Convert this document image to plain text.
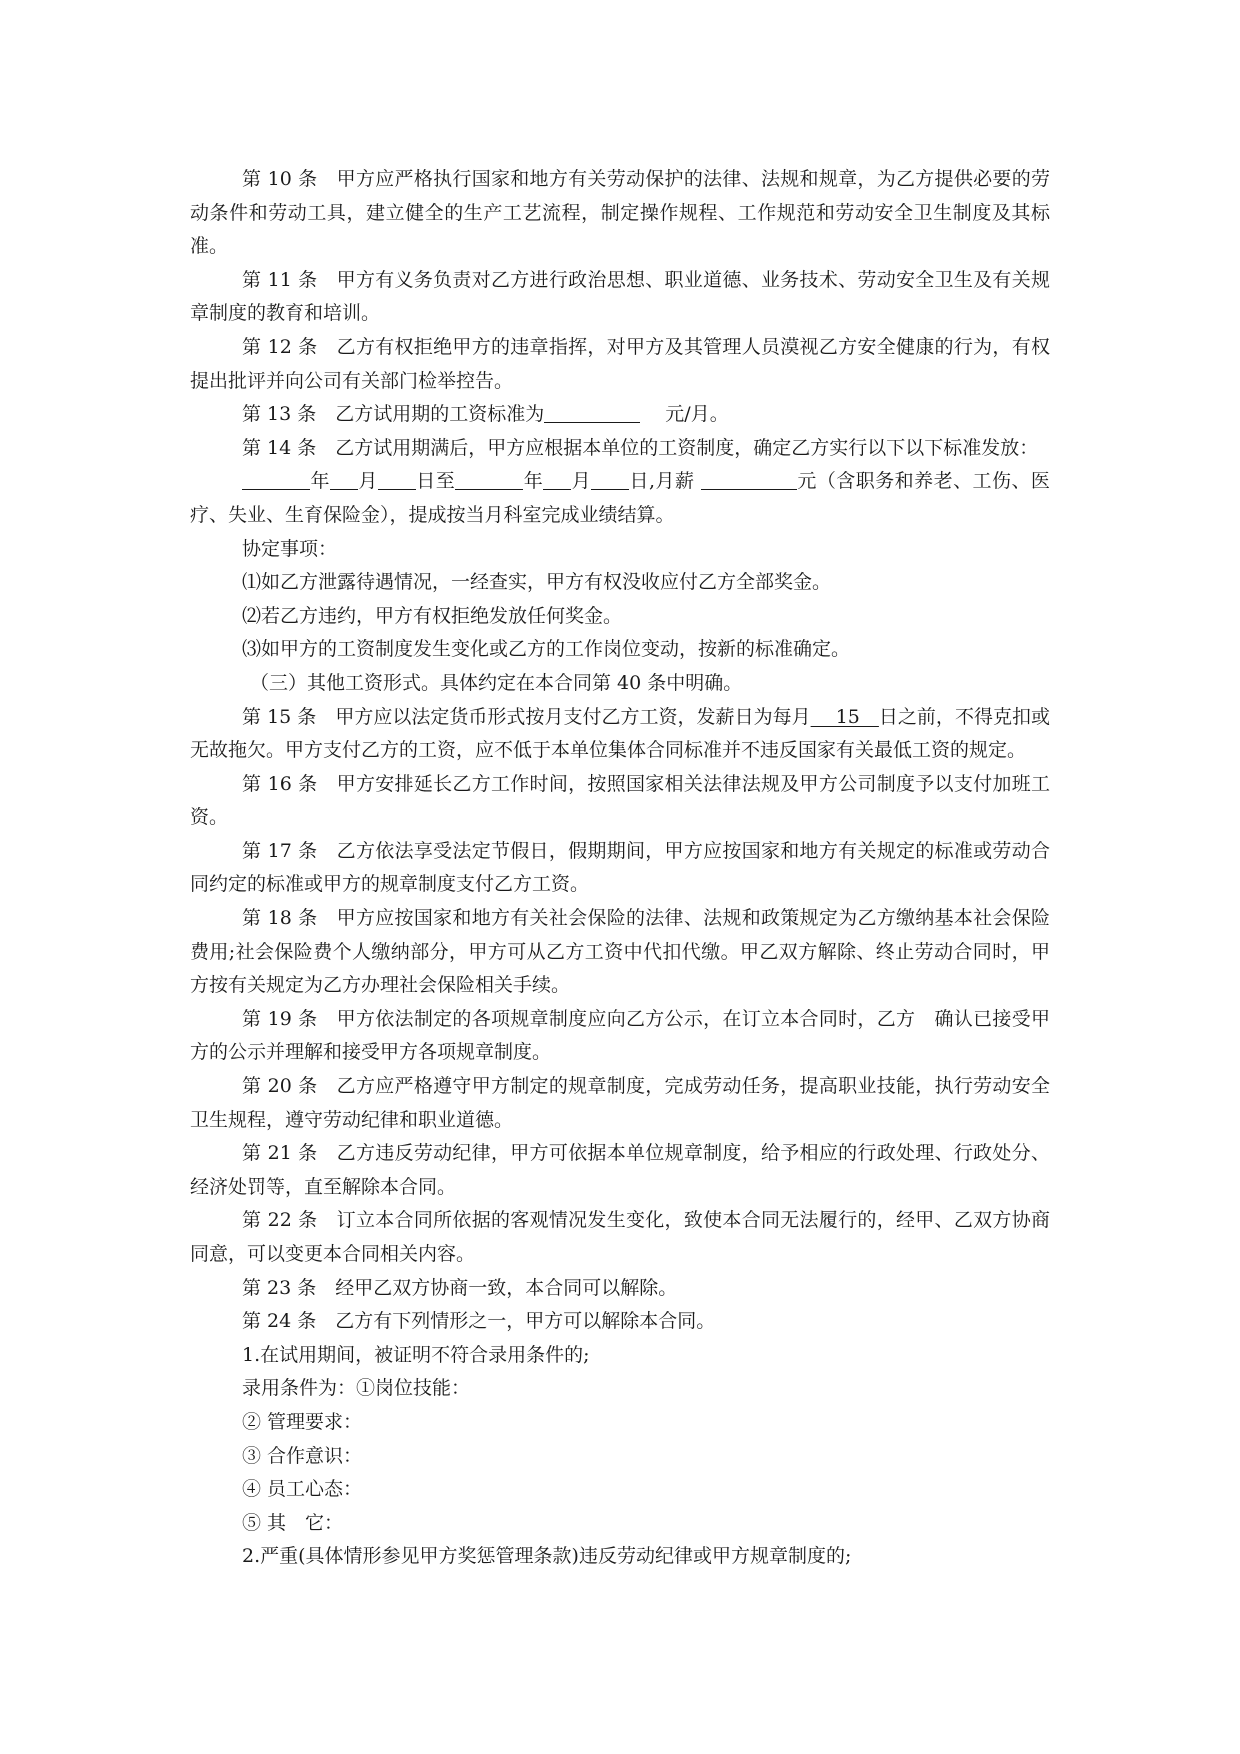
第 10 条　甲方应严格执行国家和地方有关劳动保护的法律、法规和规章，为乙方提供必要的劳动条件和劳动工具，建立健全的生产工艺流程，制定操作规程、工作规范和劳动安全卫生制度及其标准。

第 11 条　甲方有义务负责对乙方进行政治思想、职业道德、业务技术、劳动安全卫生及有关规章制度的教育和培训。

第 12 条　乙方有权拒绝甲方的违章指挥，对甲方及其管理人员漠视乙方安全健康的行为，有权提出批评并向公司有关部门检举控告。

第 13 条　乙方试用期的工资标准为	　 元/月。

第 14 条　乙方试用期满后，甲方应根据本单位的工资制度，确定乙方实行以下以下标准发放：

年 月 日至	年 月 日,月薪	元（含职务和养老、工伤、医疗、失业、生育保险金），提成按当月科室完成业绩结算。

协定事项：

⑴如乙方泄露待遇情况，一经查实，甲方有权没收应付乙方全部奖金。

⑵若乙方违约，甲方有权拒绝发放任何奖金。

⑶如甲方的工资制度发生变化或乙方的工作岗位变动，按新的标准确定。

（三）其他工资形式。具体约定在本合同第 40 条中明确。

第 15 条　甲方应以法定货币形式按月支付乙方工资，发薪日为每月　 15　日之前，不得克扣或无故拖欠。甲方支付乙方的工资，应不低于本单位集体合同标准并不违反国家有关最低工资的规定。

第 16 条　甲方安排延长乙方工作时间，按照国家相关法律法规及甲方公司制度予以支付加班工资。

第 17 条　乙方依法享受法定节假日，假期期间，甲方应按国家和地方有关规定的标准或劳动合同约定的标准或甲方的规章制度支付乙方工资。

第 18 条　甲方应按国家和地方有关社会保险的法律、法规和政策规定为乙方缴纳基本社会保险费用;社会保险费个人缴纳部分，甲方可从乙方工资中代扣代缴。甲乙双方解除、终止劳动合同时，甲方按有关规定为乙方办理社会保险相关手续。

第 19 条　甲方依法制定的各项规章制度应向乙方公示，在订立本合同时，乙方　确认已接受甲方的公示并理解和接受甲方各项规章制度。

第 20 条　乙方应严格遵守甲方制定的规章制度，完成劳动任务，提高职业技能，执行劳动安全卫生规程，遵守劳动纪律和职业道德。

第 21 条　乙方违反劳动纪律，甲方可依据本单位规章制度，给予相应的行政处理、行政处分、经济处罚等，直至解除本合同。

第 22 条　订立本合同所依据的客观情况发生变化，致使本合同无法履行的，经甲、乙双方协商同意，可以变更本合同相关内容。

第 23 条　经甲乙双方协商一致，本合同可以解除。

第 24 条　乙方有下列情形之一，甲方可以解除本合同。

1.在试用期间，被证明不符合录用条件的;

录用条件为：①岗位技能：

② 管理要求：

③ 合作意识：

④ 员工心态：

⑤ 其　它：

2.严重(具体情形参见甲方奖惩管理条款)违反劳动纪律或甲方规章制度的;
